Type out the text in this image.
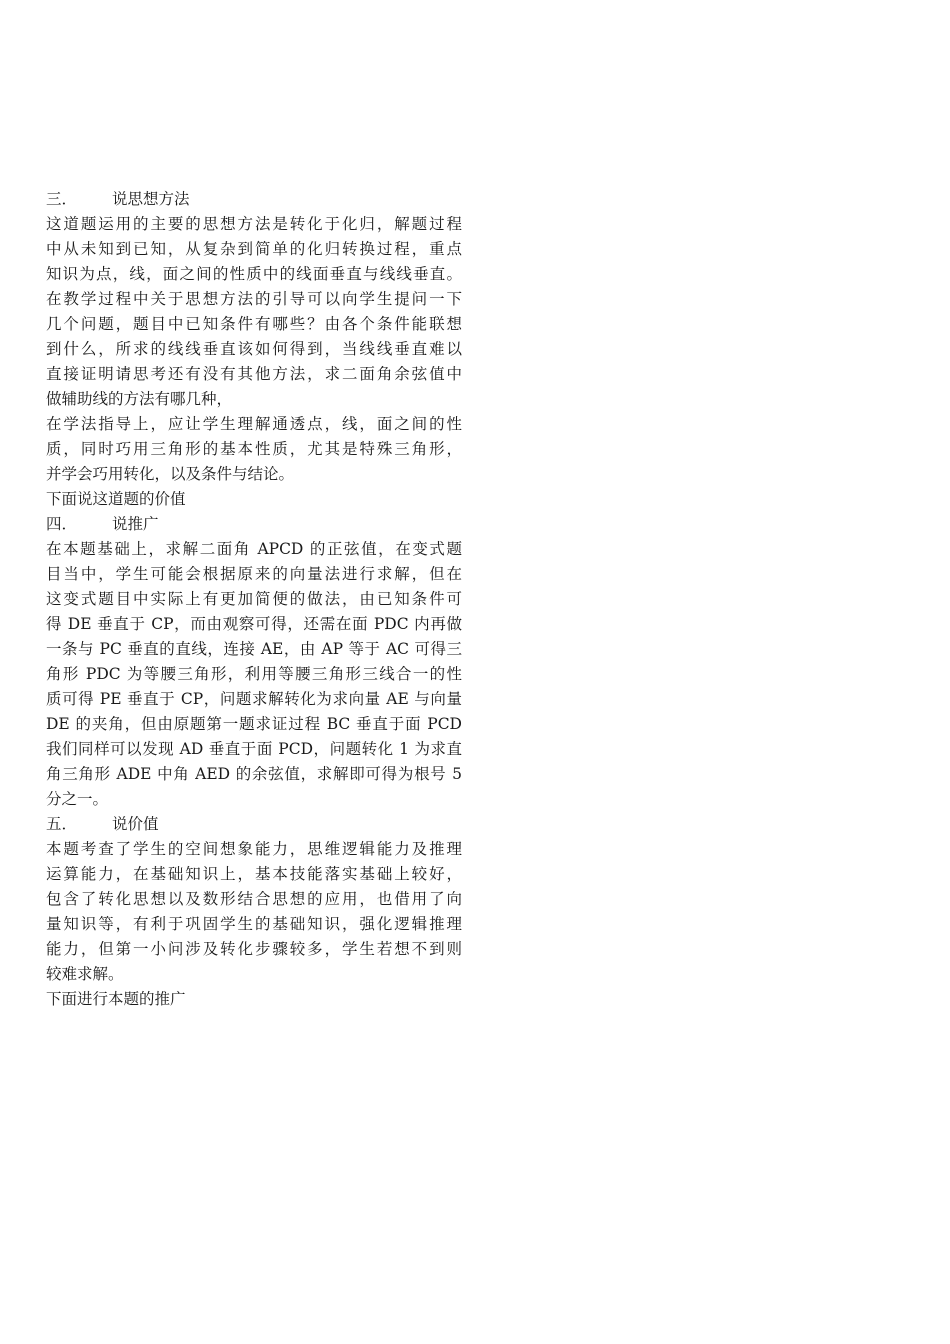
三．	说思想方法
这道题运用的主要的思想方法是转化于化归，解题过程
中从未知到已知，从复杂到简单的化归转换过程，重点
知识为点，线，面之间的性质中的线面垂直与线线垂直。
在教学过程中关于思想方法的引导可以向学生提问一下
几个问题，题目中已知条件有哪些？由各个条件能联想
到什么，所求的线线垂直该如何得到，当线线垂直难以
直接证明请思考还有没有其他方法，求二面角余弦值中
做辅助线的方法有哪几种，
在学法指导上，应让学生理解通透点，线，面之间的性
质，同时巧用三角形的基本性质，尤其是特殊三角形，
并学会巧用转化，以及条件与结论。
下面说这道题的价值
四．	说推广
在本题基础上，求解二面角 APCD 的正弦值，在变式题
目当中，学生可能会根据原来的向量法进行求解，但在
这变式题目中实际上有更加简便的做法，由已知条件可
得 DE 垂直于 CP，而由观察可得，还需在面 PDC 内再做
一条与 PC 垂直的直线，连接 AE，由 AP 等于 AC 可得三
角形 PDC 为等腰三角形，利用等腰三角形三线合一的性
质可得 PE 垂直于 CP，问题求解转化为求向量 AE 与向量
DE 的夹角，但由原题第一题求证过程 BC 垂直于面 PCD
我们同样可以发现 AD 垂直于面 PCD，问题转化 1 为求直
角三角形 ADE 中角 AED 的余弦值，求解即可得为根号 5
分之一。
五．	说价值
本题考查了学生的空间想象能力，思维逻辑能力及推理
运算能力，在基础知识上，基本技能落实基础上较好，
包含了转化思想以及数形结合思想的应用，也借用了向
量知识等，有利于巩固学生的基础知识，强化逻辑推理
能力，但第一小问涉及转化步骤较多，学生若想不到则
较难求解。
下面进行本题的推广
